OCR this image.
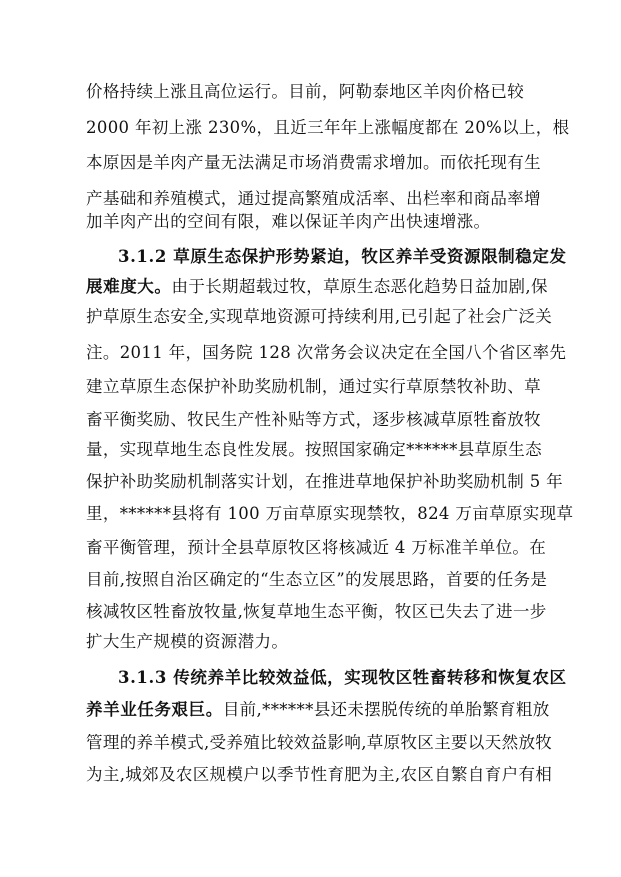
价格持续上涨且高位运行。目前，阿勒泰地区羊肉价格已较
2000 年初上涨 230%，且近三年年上涨幅度都在 20%以上，根
本原因是羊肉产量无法满足市场消费需求增加。而依托现有生
产基础和养殖模式，通过提高繁殖成活率、出栏率和商品率增
加羊肉产出的空间有限，难以保证羊肉产出快速增涨。
3.1.2 草原生态保护形势紧迫，牧区养羊受资源限制稳定发
展难度大。由于长期超载过牧，草原生态恶化趋势日益加剧,保
护草原生态安全,实现草地资源可持续利用,已引起了社会广泛关
注。2011 年，国务院 128 次常务会议决定在全国八个省区率先
建立草原生态保护补助奖励机制，通过实行草原禁牧补助、草
畜平衡奖励、牧民生产性补贴等方式，逐步核减草原牲畜放牧
量，实现草地生态良性发展。按照国家确定******县草原生态
保护补助奖励机制落实计划，在推进草地保护补助奖励机制 5 年
里，******县将有 100 万亩草原实现禁牧，824 万亩草原实现草
畜平衡管理，预计全县草原牧区将核减近 4 万标准羊单位。在
目前,按照自治区确定的“生态立区”的发展思路，首要的任务是
核减牧区牲畜放牧量,恢复草地生态平衡，牧区已失去了进一步
扩大生产规模的资源潜力。
3.1.3 传统养羊比较效益低，实现牧区牲畜转移和恢复农区
养羊业任务艰巨。目前,******县还未摆脱传统的单胎繁育粗放
管理的养羊模式,受养殖比较效益影响,草原牧区主要以天然放牧
为主,城郊及农区规模户以季节性育肥为主,农区自繁自育户有相
